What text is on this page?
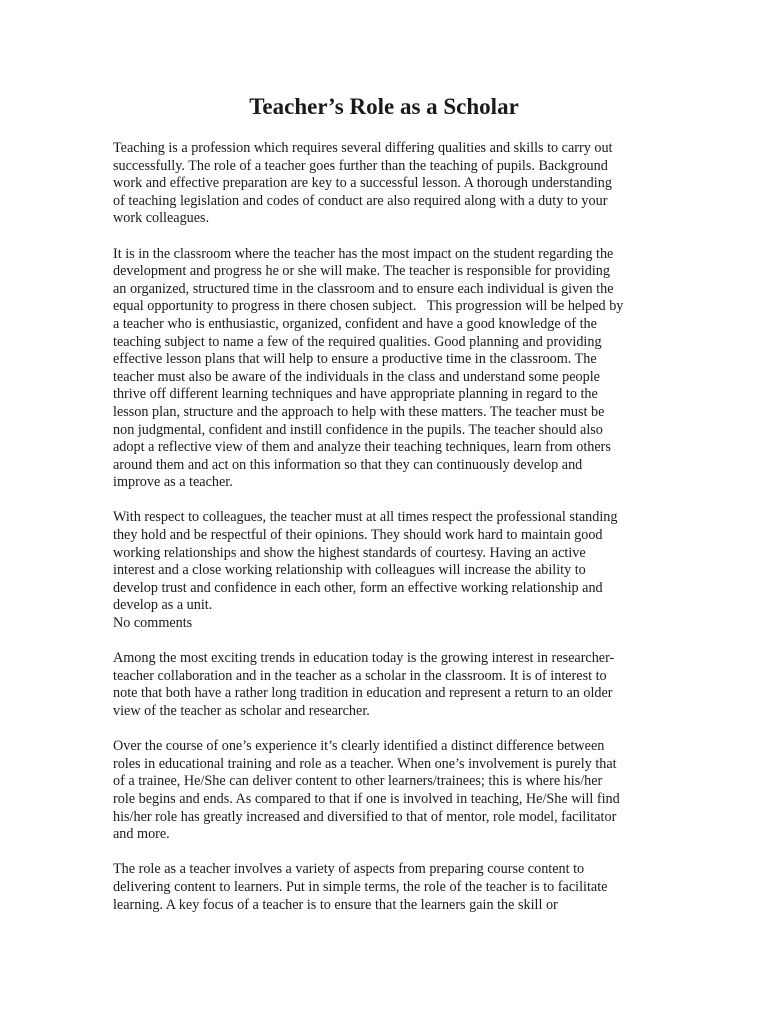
Teacher’s Role as a Scholar

Teaching is a profession which requires several differing qualities and skills to carry out
successfully. The role of a teacher goes further than the teaching of pupils. Background
work and effective preparation are key to a successful lesson. A thorough understanding
of teaching legislation and codes of conduct are also required along with a duty to your
work colleagues.

It is in the classroom where the teacher has the most impact on the student regarding the
development and progress he or she will make. The teacher is responsible for providing
an organized, structured time in the classroom and to ensure each individual is given the
equal opportunity to progress in there chosen subject.   This progression will be helped by
a teacher who is enthusiastic, organized, confident and have a good knowledge of the
teaching subject to name a few of the required qualities. Good planning and providing
effective lesson plans that will help to ensure a productive time in the classroom. The
teacher must also be aware of the individuals in the class and understand some people
thrive off different learning techniques and have appropriate planning in regard to the
lesson plan, structure and the approach to help with these matters. The teacher must be
non judgmental, confident and instill confidence in the pupils. The teacher should also
adopt a reflective view of them and analyze their teaching techniques, learn from others
around them and act on this information so that they can continuously develop and
improve as a teacher.

With respect to colleagues, the teacher must at all times respect the professional standing
they hold and be respectful of their opinions. They should work hard to maintain good
working relationships and show the highest standards of courtesy. Having an active
interest and a close working relationship with colleagues will increase the ability to
develop trust and confidence in each other, form an effective working relationship and
develop as a unit.
No comments

Among the most exciting trends in education today is the growing interest in researcher-
teacher collaboration and in the teacher as a scholar in the classroom. It is of interest to
note that both have a rather long tradition in education and represent a return to an older
view of the teacher as scholar and researcher.

Over the course of one’s experience it’s clearly identified a distinct difference between
roles in educational training and role as a teacher. When one’s involvement is purely that
of a trainee, He/She can deliver content to other learners/trainees; this is where his/her
role begins and ends. As compared to that if one is involved in teaching, He/She will find
his/her role has greatly increased and diversified to that of mentor, role model, facilitator
and more.

The role as a teacher involves a variety of aspects from preparing course content to
delivering content to learners. Put in simple terms, the role of the teacher is to facilitate
learning. A key focus of a teacher is to ensure that the learners gain the skill or
